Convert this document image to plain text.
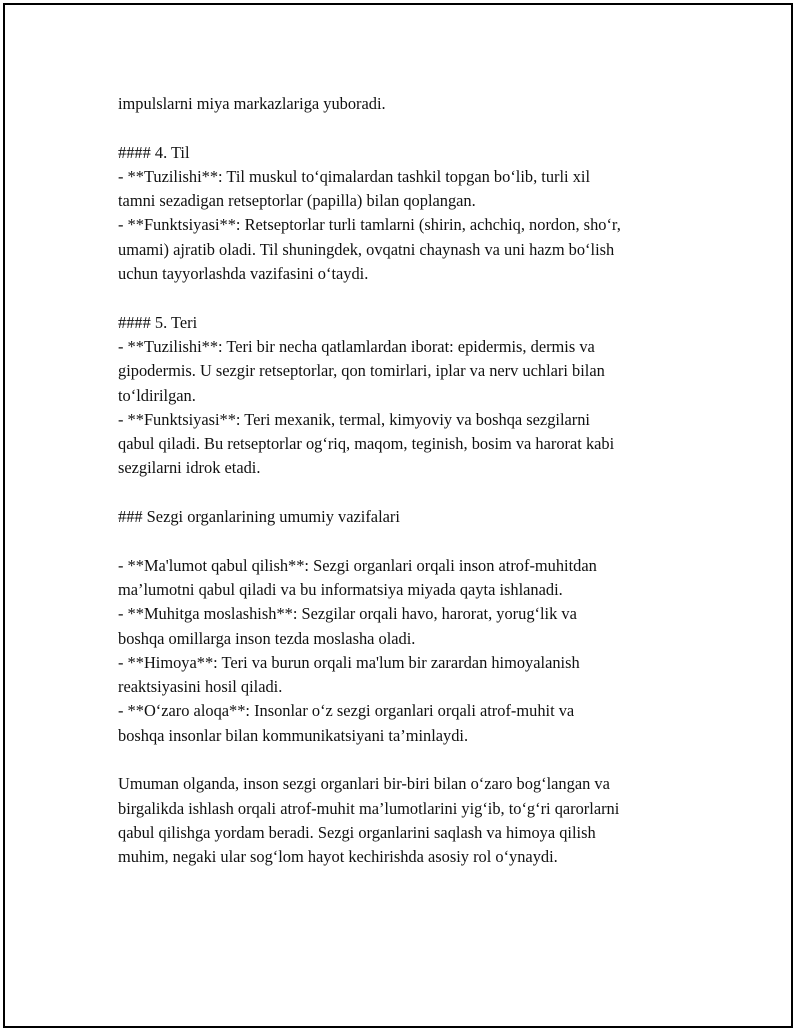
impulslarni miya markazlariga yuboradi.
#### 4. Til
- **Tuzilishi**: Til muskul to‘qimalardan tashkil topgan bo‘lib, turli xil
tamni sezadigan retseptorlar (papilla) bilan qoplangan.
- **Funktsiyasi**: Retseptorlar turli tamlarni (shirin, achchiq, nordon, sho‘r,
umami) ajratib oladi. Til shuningdek, ovqatni chaynash va uni hazm bo‘lish
uchun tayyorlashda vazifasini o‘taydi.
#### 5. Teri
- **Tuzilishi**: Teri bir necha qatlamlardan iborat: epidermis, dermis va
gipodermis. U sezgir retseptorlar, qon tomirlari, iplar va nerv uchlari bilan
to‘ldirilgan.
- **Funktsiyasi**: Teri mexanik, termal, kimyoviy va boshqa sezgilarni
qabul qiladi. Bu retseptorlar og‘riq, maqom, teginish, bosim va harorat kabi
sezgilarni idrok etadi.
### Sezgi organlarining umumiy vazifalari
- **Ma'lumot qabul qilish**: Sezgi organlari orqali inson atrof-muhitdan
ma’lumotni qabul qiladi va bu informatsiya miyada qayta ishlanadi.
- **Muhitga moslashish**: Sezgilar orqali havo, harorat, yorug‘lik va
boshqa omillarga inson tezda moslasha oladi.
- **Himoya**: Teri va burun orqali ma'lum bir zarardan himoyalanish
reaktsiyasini hosil qiladi.
- **O‘zaro aloqa**: Insonlar o‘z sezgi organlari orqali atrof-muhit va
boshqa insonlar bilan kommunikatsiyani ta’minlaydi.
Umuman olganda, inson sezgi organlari bir-biri bilan o‘zaro bog‘langan va
birgalikda ishlash orqali atrof-muhit ma’lumotlarini yig‘ib, to‘g‘ri qarorlarni
qabul qilishga yordam beradi. Sezgi organlarini saqlash va himoya qilish
muhim, negaki ular sog‘lom hayot kechirishda asosiy rol o‘ynaydi.
